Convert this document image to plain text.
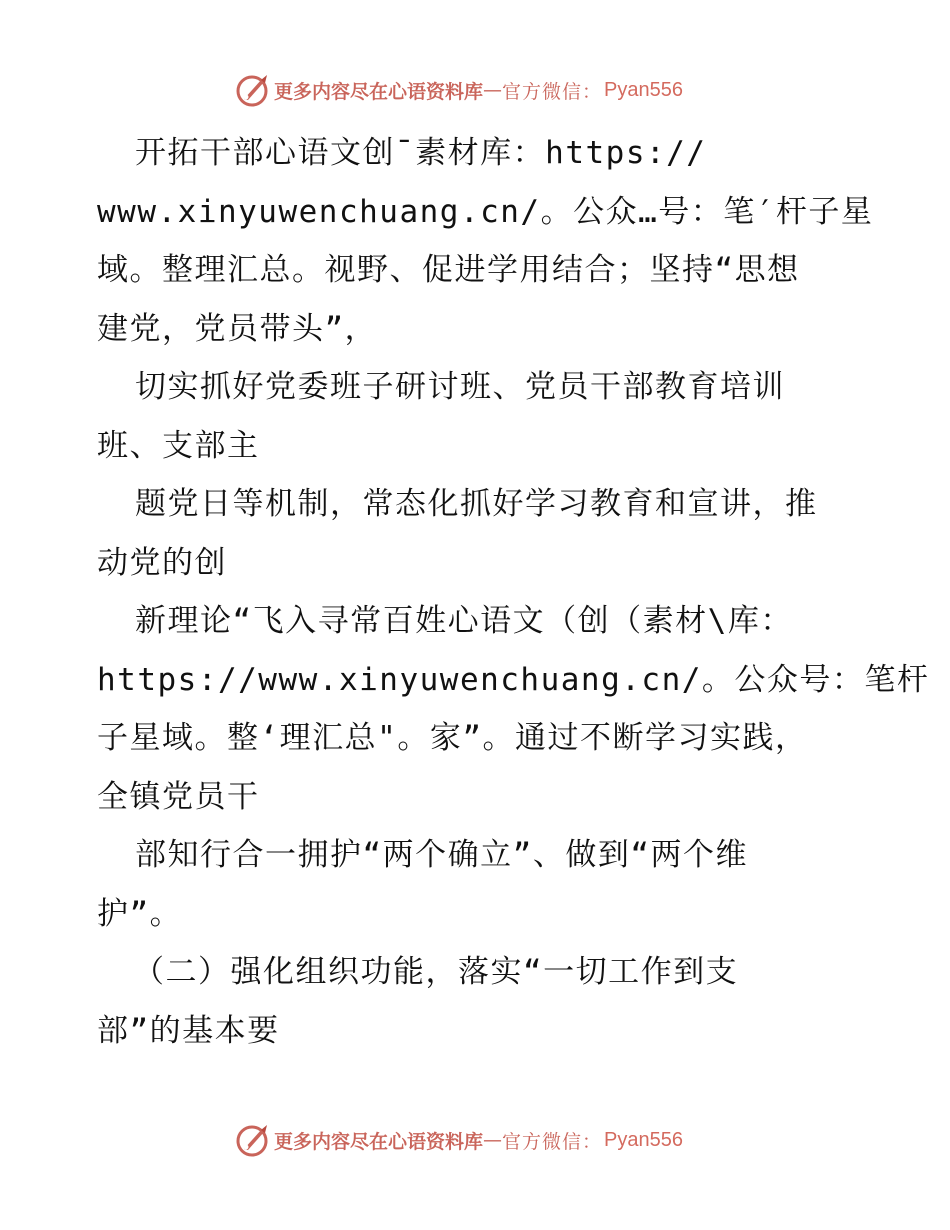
更多内容尽在心语资料库 — 官方微信： Pyan556
开拓干部心语文创¯素材库：https://
www.xinyuwenchuang.cn/。公众…号：笔′杆子星
域。整理汇总。视野、促进学用结合；坚持“思想
建党，党员带头”，
切实抓好党委班子研讨班、党员干部教育培训
班、支部主
题党日等机制，常态化抓好学习教育和宣讲，推
动党的创
新理论“飞入寻常百姓心语文（创（素材\库：
https://www.xinyuwenchuang.cn/。公众号：笔杆
子星域。整‘理汇总"。家”。通过不断学习实践，
全镇党员干
部知行合一拥护“两个确立”、做到“两个维
护”。
（二）强化组织功能，落实“一切工作到支
部”的基本要
更多内容尽在心语资料库 — 官方微信： Pyan556
